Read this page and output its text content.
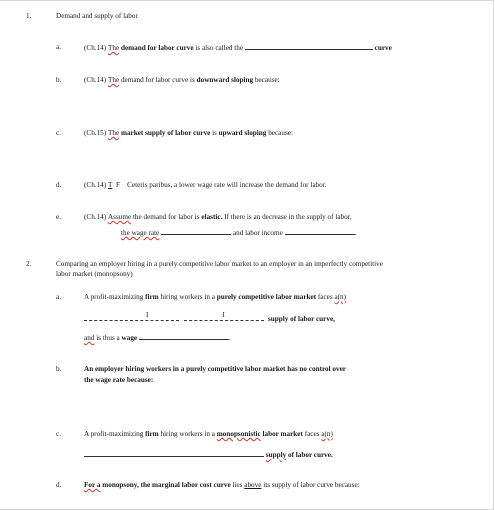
1.	Demand and supply of labor
a.	(Ch.14) The demand for labor curve is also called the	curve
b.	(Ch.14) The demand for labor curve is downward sloping because:
c.	(Ch.15) The market supply of labor curve is upward sloping because:
d.	(Ch.14) T F Ceteris paribus, a lower wage rate will increase the demand for labor.
e.	(Ch.14) Assume the demand for labor is elastic. If there is an decrease in the supply of labor,
the wage rate	and labor income	.
2.	Comparing an employer hiring in a purely competitive labor market to an employer in an imperfectly competitive
labor market (monopsony)
a.	A profit-maximizing firm hiring workers in a purely competitive labor market faces a(n)
I
	I	supply of labor curve,
and is thus a wage	.
b.	An employer hiring workers in a purely competitive labor market has no control over
the wage rate because:
c.	A profit-maximizing firm hiring workers in a monopsonistic labor market faces a(n)
supply of labor curve.
d.	For a monopsony, the marginal labor cost curve lies above its supply of labor curve because:
